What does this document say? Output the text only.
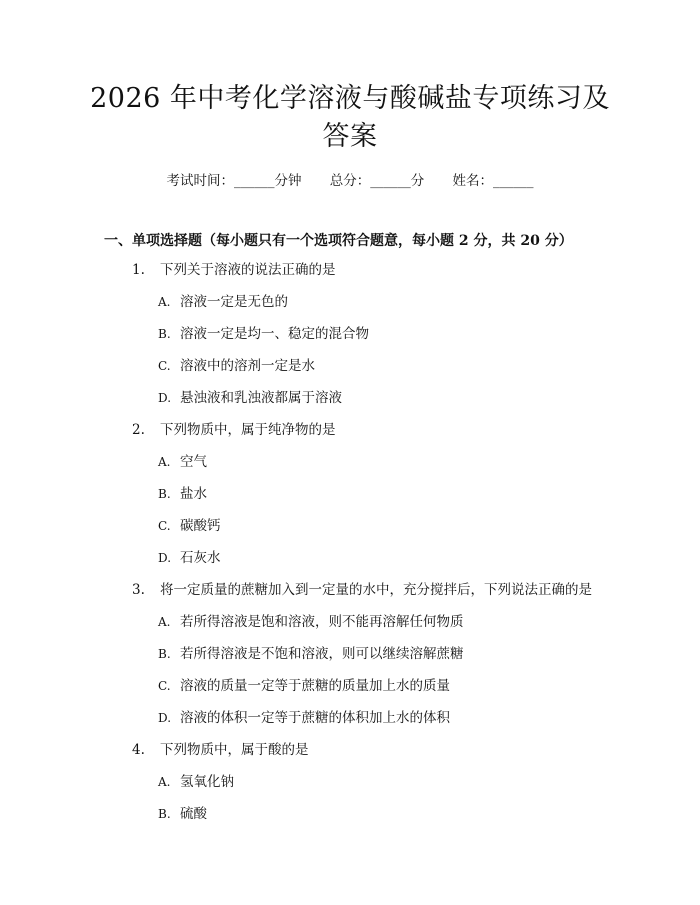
2026 年中考化学溶液与酸碱盐专项练习及答案
考试时间：______分钟 总分：______分 姓名：______
一、单项选择题（每小题只有一个选项符合题意，每小题 2 分，共 20 分）
1. 下列关于溶液的说法正确的是
A. 溶液一定是无色的
B. 溶液一定是均一、稳定的混合物
C. 溶液中的溶剂一定是水
D. 悬浊液和乳浊液都属于溶液
2. 下列物质中，属于纯净物的是
A. 空气
B. 盐水
C. 碳酸钙
D. 石灰水
3. 将一定质量的蔗糖加入到一定量的水中，充分搅拌后，下列说法正确的是
A. 若所得溶液是饱和溶液，则不能再溶解任何物质
B. 若所得溶液是不饱和溶液，则可以继续溶解蔗糖
C. 溶液的质量一定等于蔗糖的质量加上水的质量
D. 溶液的体积一定等于蔗糖的体积加上水的体积
4. 下列物质中，属于酸的是
A. 氢氧化钠
B. 硫酸
